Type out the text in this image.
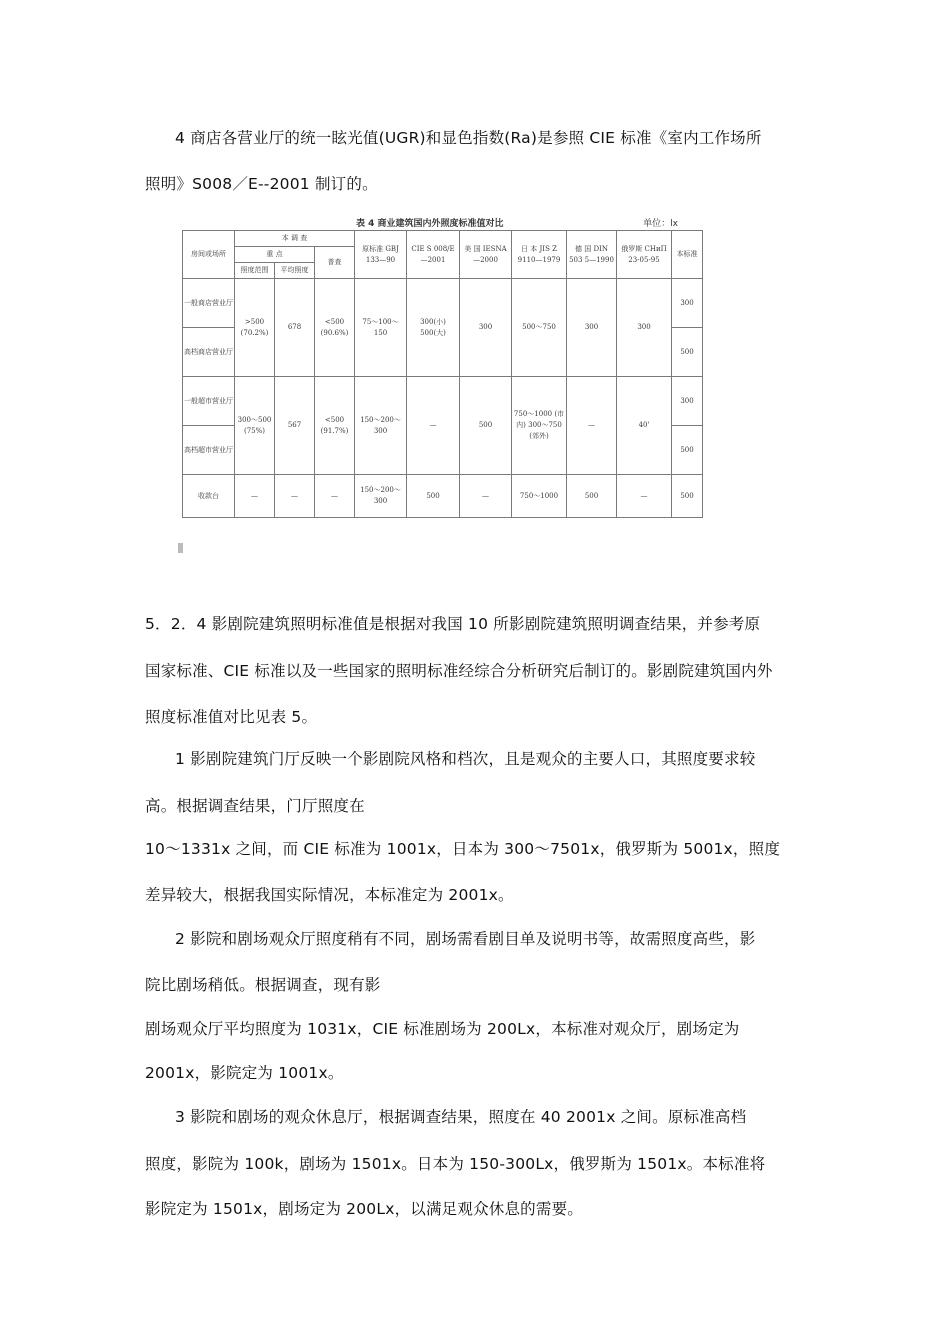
4 商店各营业厅的统一眩光值(UGR)和显色指数(Ra)是参照 CIE 标准《室内工作场所
照明》S008／E--2001 制订的。
表 4 商业建筑国内外照度标准值对比	单位：lx
房间或场所	本 调 查			原标准 GBJ 133—90	CIE S 008/E —2001	美 国 IESNA —2000	日 本 JIS Z 9110—1979	德 国 DIN 503 5—1990	俄罗斯 CHиП 23-05-95	本标准
	重 点		普查							
	照度范围	平均照度								
一般商店营业厅	>500 (70.2%)	678	<500 (90.6%)	75～100～150	300(小) 500(大)	300	500～750	300	300	300
高档商店营业厅										500
一般超市营业厅	300～500 (75%)	567	<500 (91.7%)	150～200～300	—	500	750～1000 (市内) 300～750 (郊外)	—	40'	300
高档超市营业厅										500
收款台	—	—	—	150～200～300	500	—	750～1000	500	—	500
5．2．4 影剧院建筑照明标准值是根据对我国 10 所影剧院建筑照明调查结果，并参考原
国家标准、CIE 标准以及一些国家的照明标准经综合分析研究后制订的。影剧院建筑国内外
照度标准值对比见表 5。
1 影剧院建筑门厅反映一个影剧院风格和档次，且是观众的主要人口，其照度要求较
高。根据调查结果，门厅照度在
10～1331x 之间，而 CIE 标准为 1001x，日本为 300～7501x，俄罗斯为 5001x，照度
差异较大，根据我国实际情况，本标准定为 2001x。
2 影院和剧场观众厅照度稍有不同，剧场需看剧目单及说明书等，故需照度高些，影
院比剧场稍低。根据调查，现有影
剧场观众厅平均照度为 1031x，CIE 标准剧场为 200Lx，本标准对观众厅，剧场定为
2001x，影院定为 1001x。
3 影院和剧场的观众休息厅，根据调查结果，照度在 40 2001x 之间。原标准高档
照度，影院为 100k，剧场为 1501x。日本为 150-300Lx，俄罗斯为 1501x。本标准将
影院定为 1501x，剧场定为 200Lx，以满足观众休息的需要。
